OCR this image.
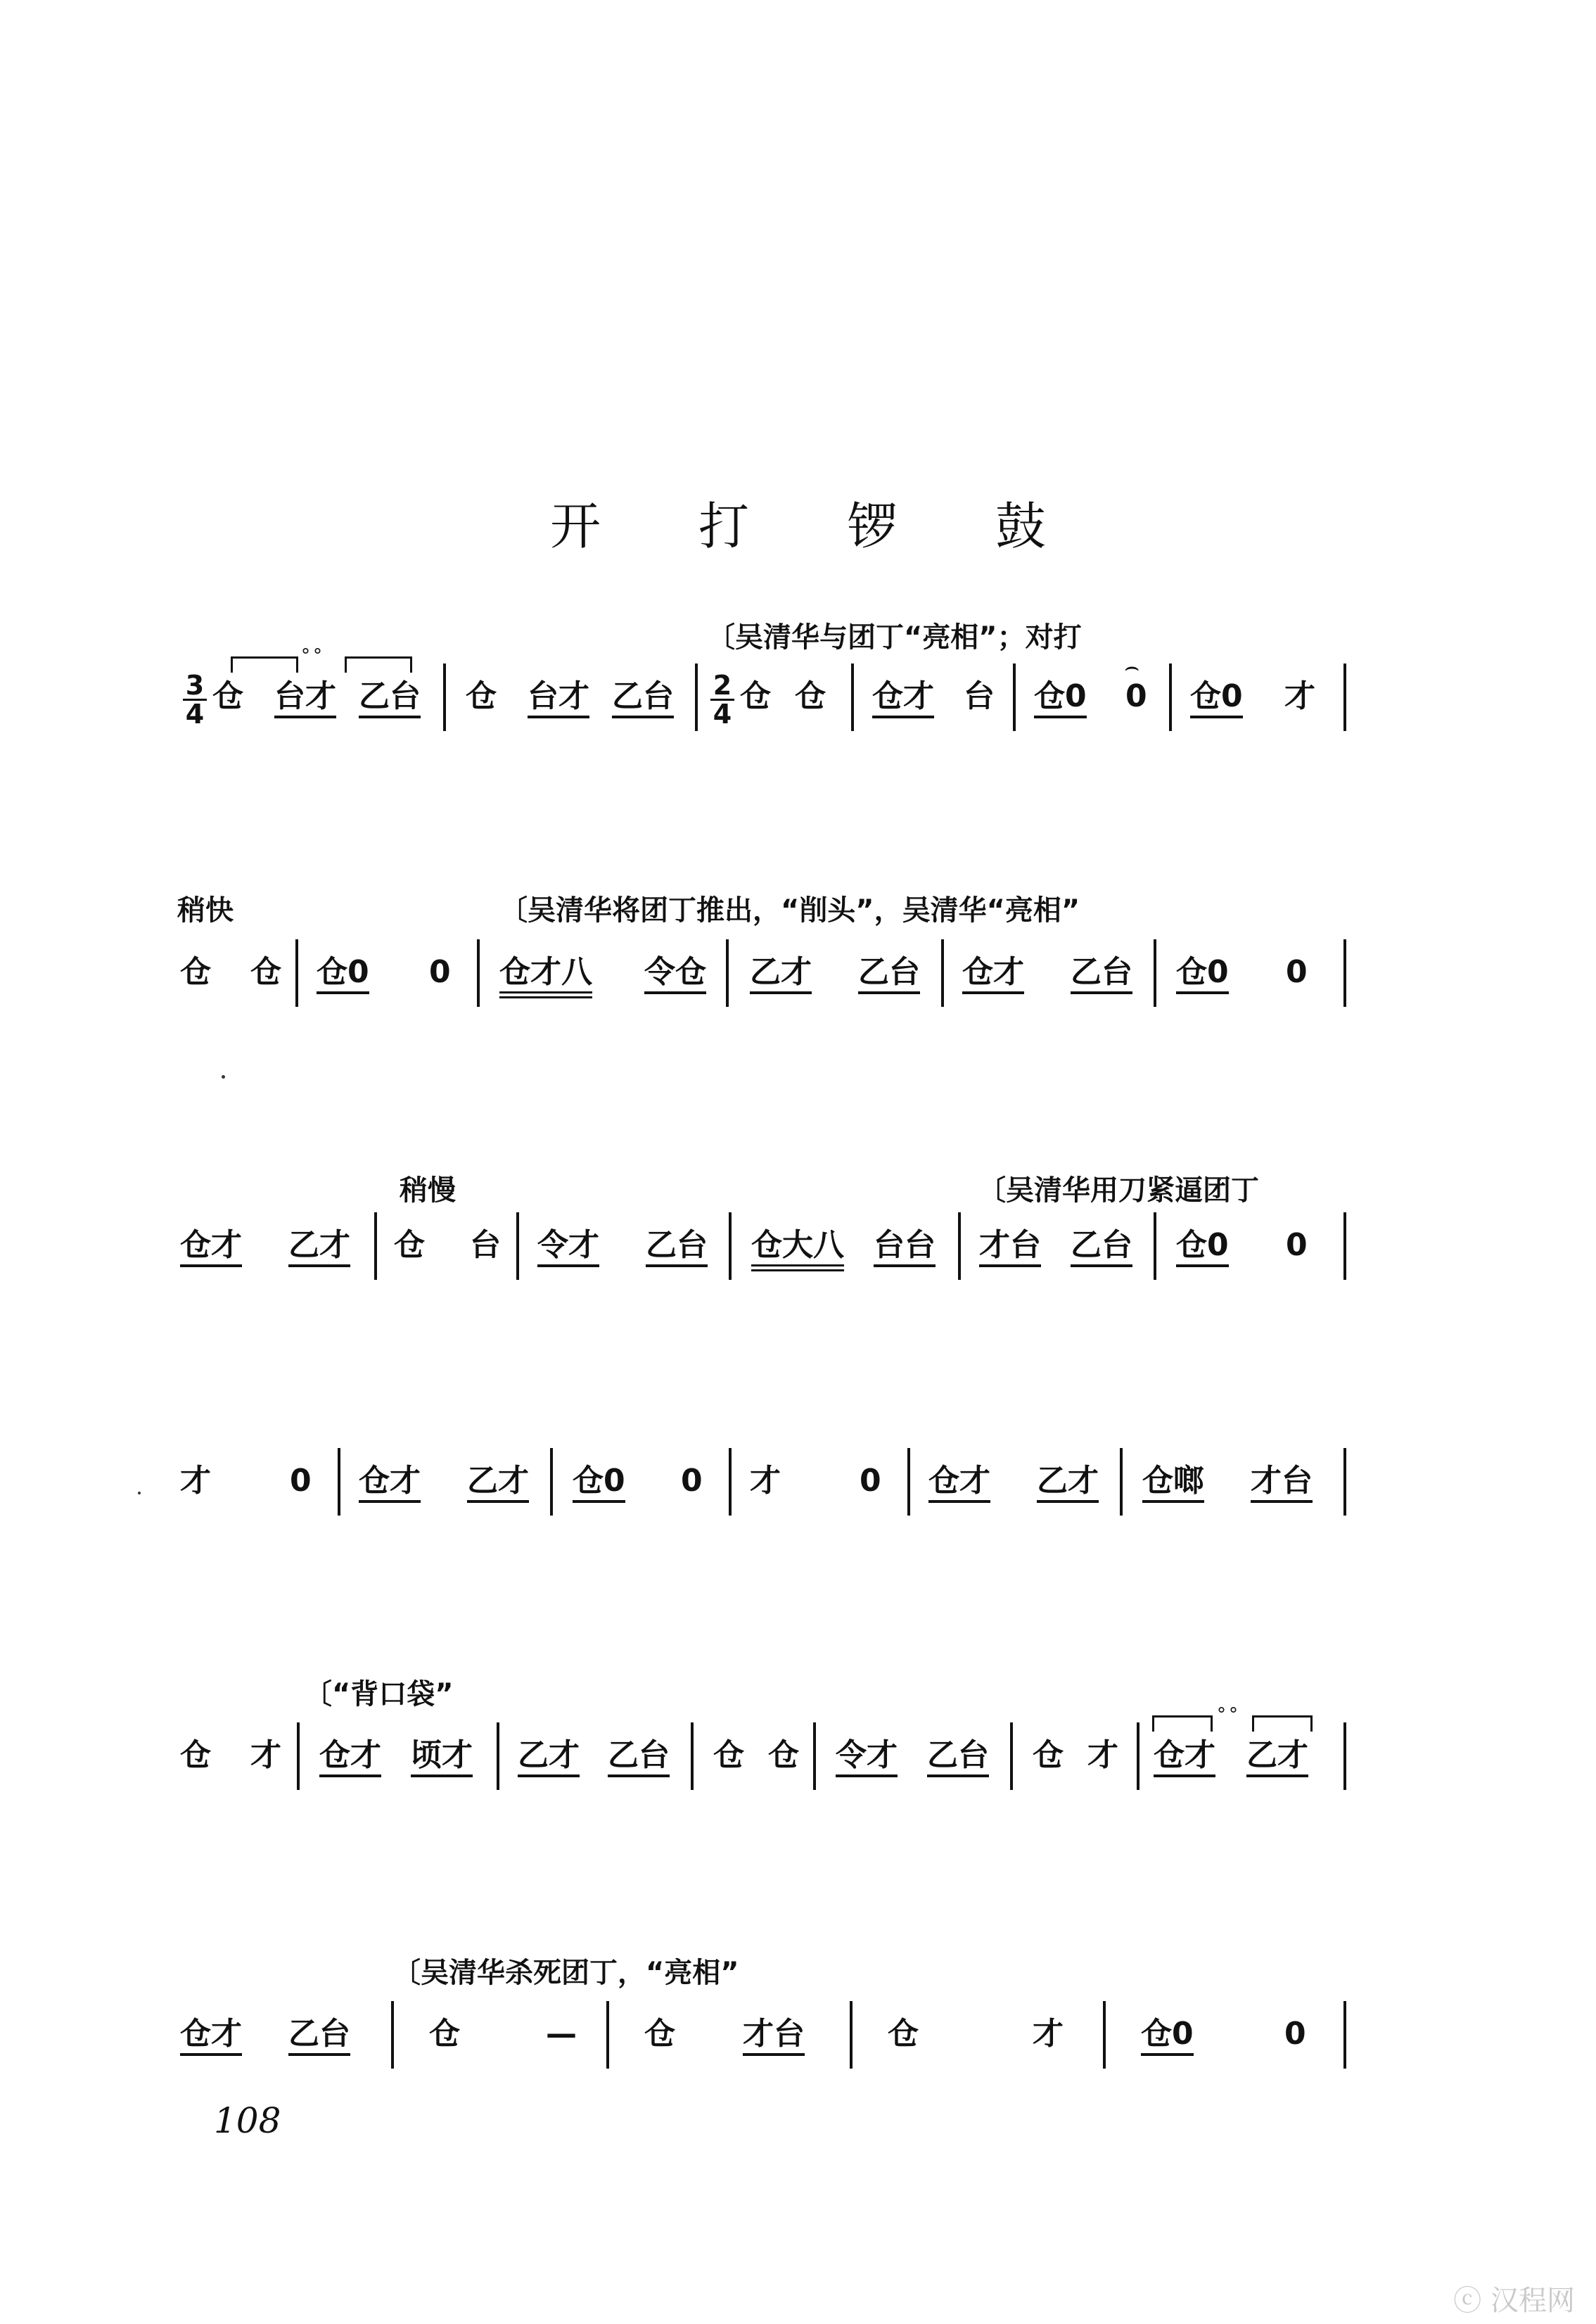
开 打 锣 鼓
〔吴清华与团丁“亮相”；对打
$\frac{3}{4}$
°°
仓 台才 乙台 仓 台才 乙台 $\frac{2}{4}$ 仓 仓 仓才 台 仓0
⌢
0 仓0 才
稍快	〔吴清华将团丁推出，“削头”，吴清华“亮相”
仓 仓 仓0 0 仓才八 令仓 乙才 乙台 仓才 乙台 仓0 0
稍慢	〔吴清华用刀紧逼团丁
仓才 乙才 仓 台 令才 乙台 仓大八 台台 才台 乙台 仓0 0
才	0 仓才 乙才 仓0 0 才	0 仓才 乙才 仓啷 才台
〔“背口袋”
仓 才 仓才 顷才 乙才 乙台 仓 仓 令才 乙台 仓 才
°°
仓才 乙才
〔吴清华杀死团丁，“亮相”
仓才 乙台	仓	— 仓 才台	仓	才	仓0	0
108
ⓒ 汉程网
